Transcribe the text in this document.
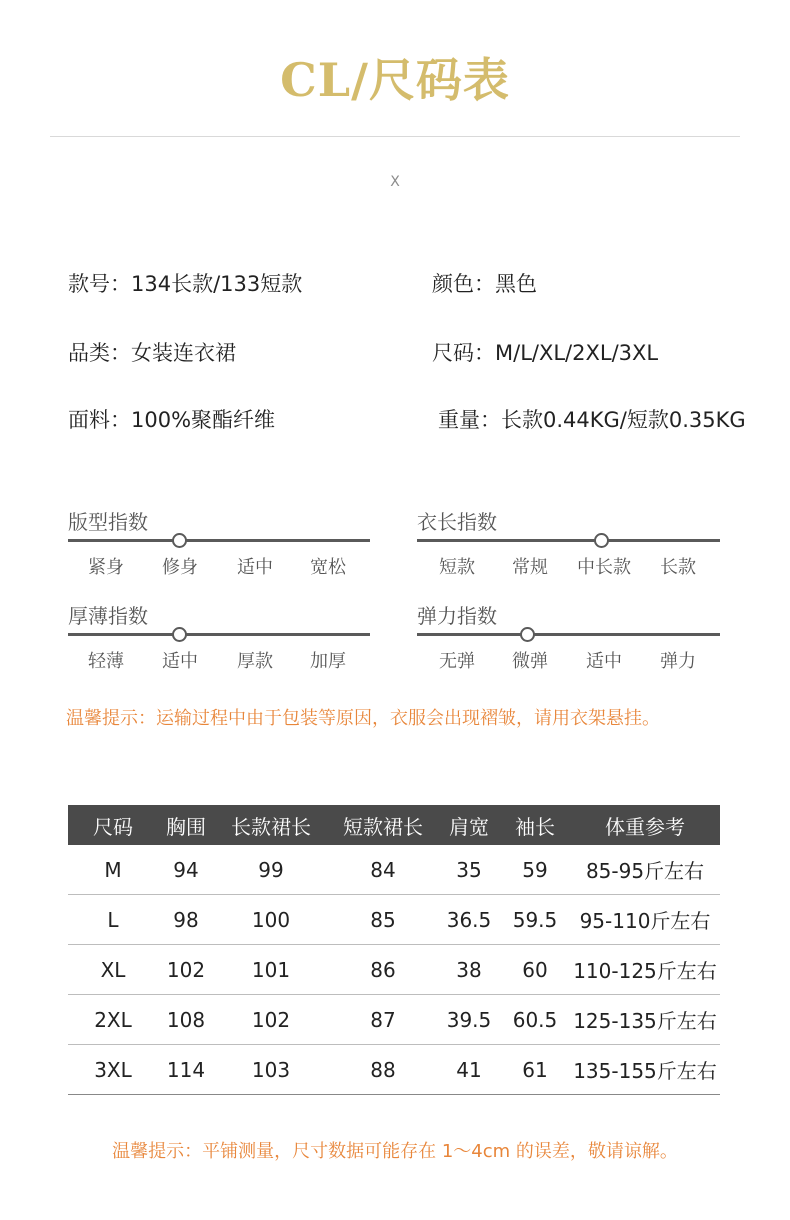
CL/尺码表
X
款号：134长款/133短款	颜色：黑色
品类：女装连衣裙	尺码：M/L/XL/2XL/3XL
面料：100%聚酯纤维	重量：长款0.44KG/短款0.35KG
版型指数
紧身	修身	适中	宽松
衣长指数
短款	常规	中长款	长款
厚薄指数
轻薄	适中	厚款	加厚
弹力指数
无弹	微弹	适中	弹力
温馨提示：运输过程中由于包装等原因，衣服会出现褶皱，请用衣架悬挂。
尺码	胸围	长款裙长	短款裙长	肩宽	袖长	体重参考
M	94	99	84	35	59	85-95斤左右
L	98	100	85	36.5	59.5	95-110斤左右
XL	102	101	86	38	60	110-125斤左右
2XL	108	102	87	39.5	60.5	125-135斤左右
3XL	114	103	88	41	61	135-155斤左右
温馨提示：平铺测量，尺寸数据可能存在 1～4cm 的误差，敬请谅解。
